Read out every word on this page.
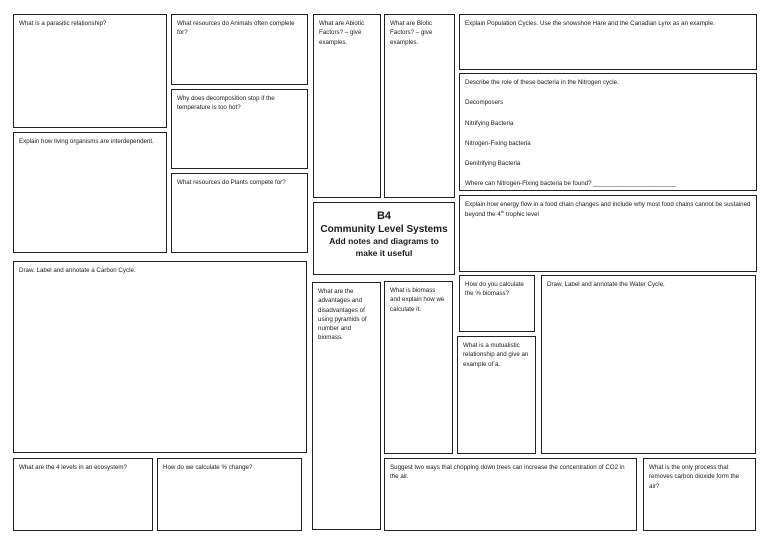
What is a parasitic relationship?

Explain how living organisms are interdependent.

What resources do Animals often complete for?

Why does decomposition stop if the temperature is too hot?

What resources do Plants compete for?

What are Abiotic Factors? – give examples.

What are Biotic Factors? – give examples.

B4
Community Level Systems
Add notes and diagrams to make it useful

Explain Population Cycles. Use the snowshoe Hare and the Canadian Lynx as an example.

Describe the role of these bacteria in the Nitrogen cycle.
Decomposers
Nitrifying Bacteria
Nitrogen-Fixing bacteria
Denitrifying Bacteria
Where can Nitrogen-Fixing bacteria be found? ________________________

Explain how energy flow in a food chain changes and include why most food chains cannot be sustained beyond the 4th trophic level

Draw. Label and annotate a Carbon Cycle.

What are the advantages and disadvantages of using pyramids of number and biomass.

What is biomass and explain how we calculate it.

How do you calculate the % biomass?

What is a mutualistic relationship and give an example of a.

Draw, Label and annotate the Water Cycle.

What are the 4 levels in an ecosystem?	How do we calculate % change?	Suggest two ways that chopping down trees can increase the concentration of CO2 in the air.

What is the only process that removes carbon dioxide form the air?
